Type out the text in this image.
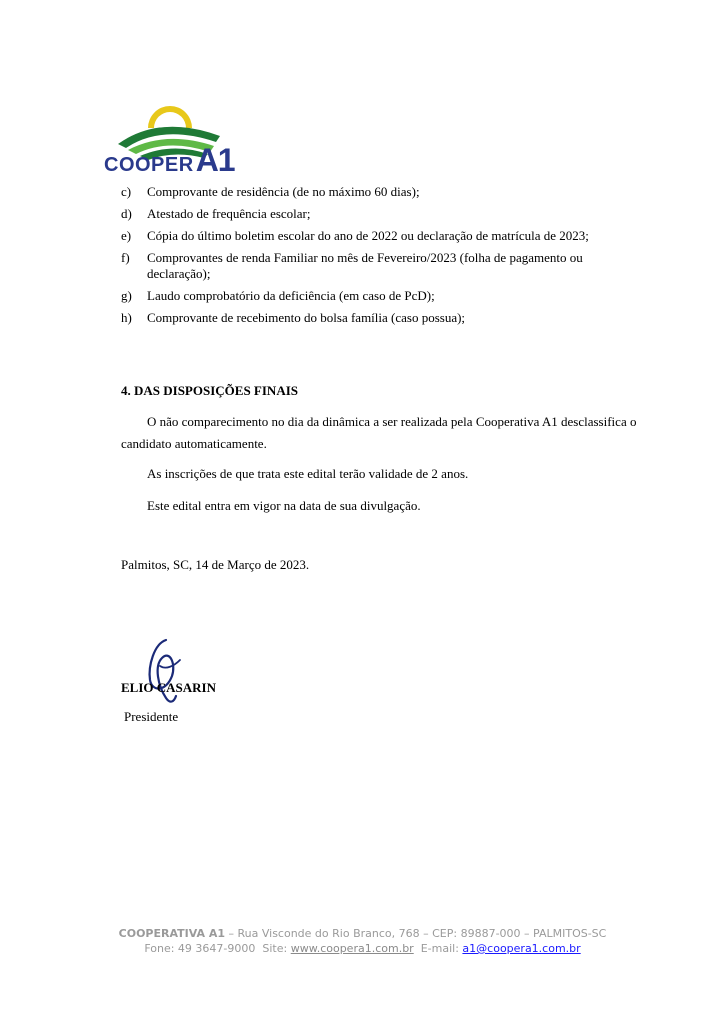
COOPERA1
c) Comprovante de residência (de no máximo 60 dias);
d) Atestado de frequência escolar;
e) Cópia do último boletim escolar do ano de 2022 ou declaração de matrícula de 2023;
f) Comprovantes de renda Familiar no mês de Fevereiro/2023 (folha de pagamento ou declaração);
g) Laudo comprobatório da deficiência (em caso de PcD);
h) Comprovante de recebimento do bolsa família (caso possua);
4. DAS DISPOSIÇÕES FINAIS
O não comparecimento no dia da dinâmica a ser realizada pela Cooperativa A1 desclassifica o candidato automaticamente.
As inscrições de que trata este edital terão validade de 2 anos.
Este edital entra em vigor na data de sua divulgação.
Palmitos, SC, 14 de Março de 2023.
ELIO CASARIN
Presidente
COOPERATIVA A1 – Rua Visconde do Rio Branco, 768 – CEP: 89887-000 – PALMITOS-SC
Fone: 49 3647-9000 Site: www.coopera1.com.br E-mail: a1@coopera1.com.br
